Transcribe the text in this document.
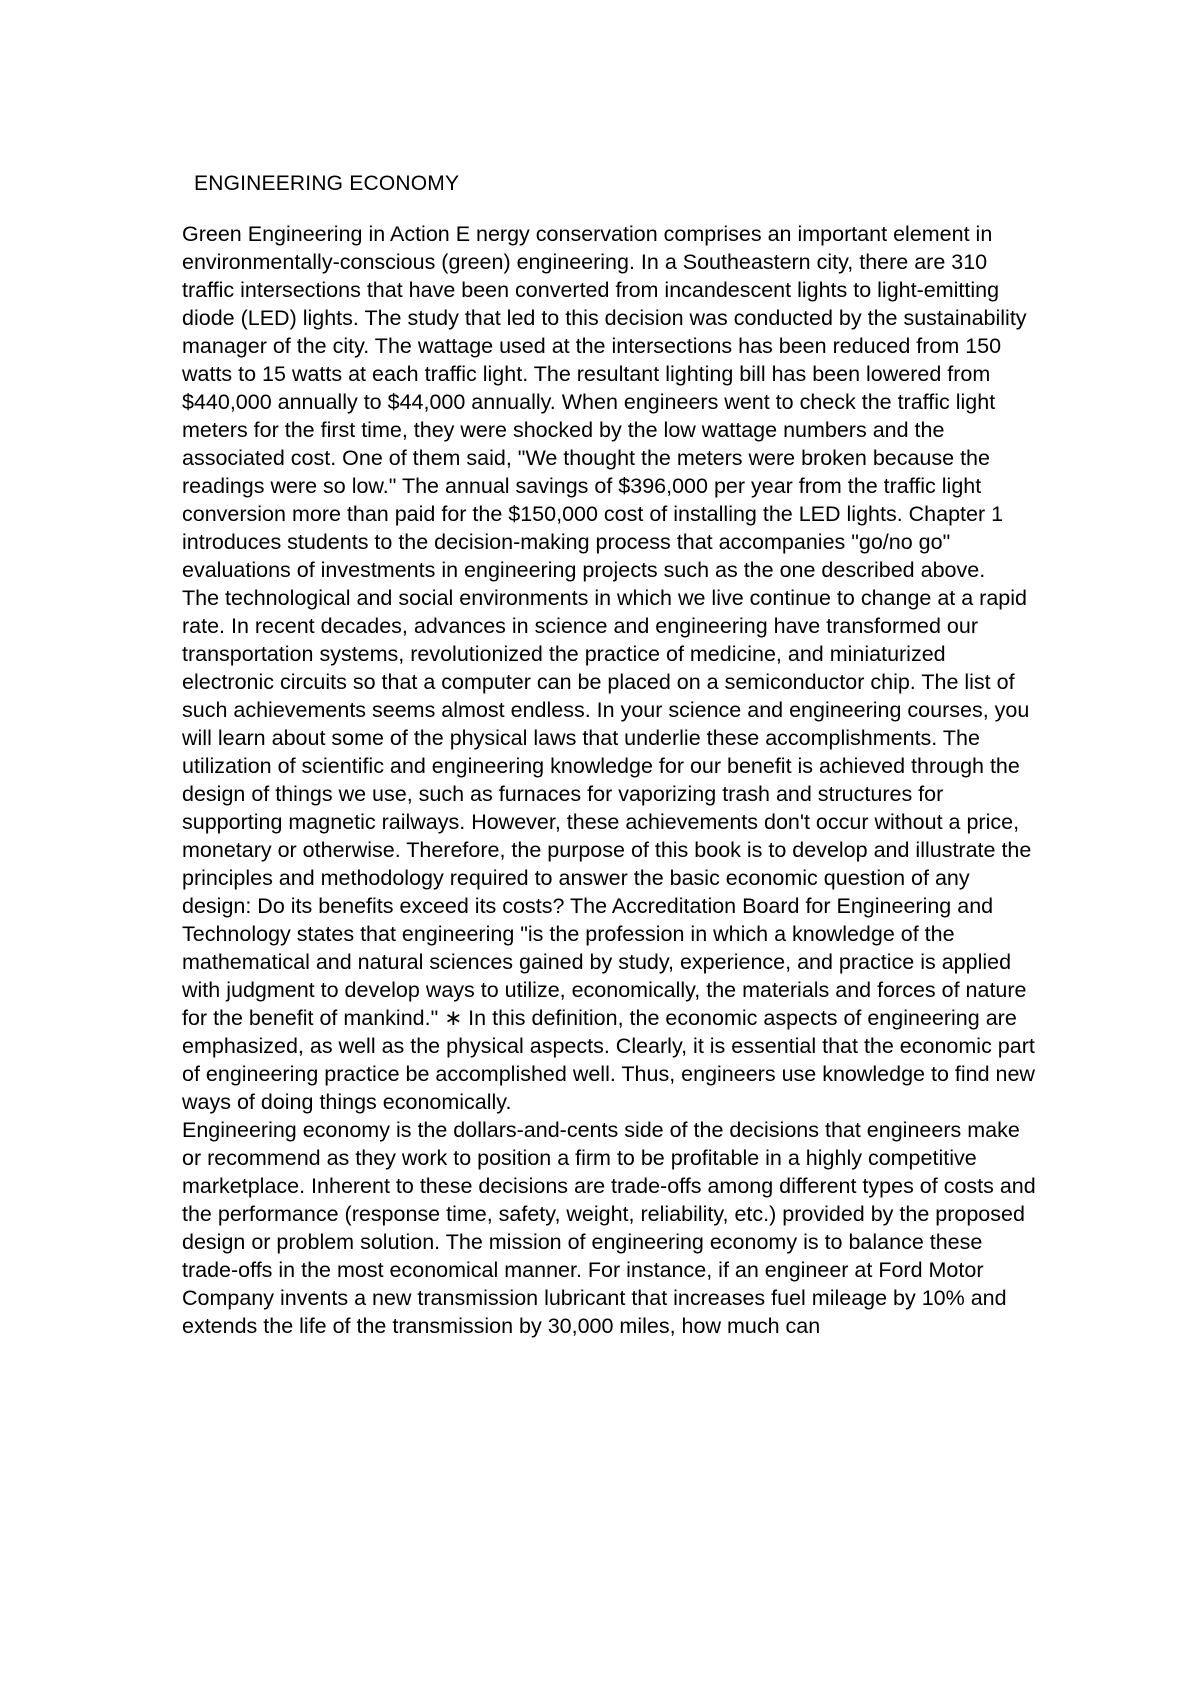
ENGINEERING ECONOMY

Green Engineering in Action E nergy conservation comprises an important element in environmentally-conscious (green) engineering. In a Southeastern city, there are 310 traffic intersections that have been converted from incandescent lights to light-emitting diode (LED) lights. The study that led to this decision was conducted by the sustainability manager of the city. The wattage used at the intersections has been reduced from 150 watts to 15 watts at each traffic light. The resultant lighting bill has been lowered from $440,000 annually to $44,000 annually. When engineers went to check the traffic light meters for the first time, they were shocked by the low wattage numbers and the associated cost. One of them said, "We thought the meters were broken because the readings were so low." The annual savings of $396,000 per year from the traffic light conversion more than paid for the $150,000 cost of installing the LED lights. Chapter 1 introduces students to the decision-making process that accompanies "go/no go" evaluations of investments in engineering projects such as the one described above.

The technological and social environments in which we live continue to change at a rapid rate. In recent decades, advances in science and engineering have transformed our transportation systems, revolutionized the practice of medicine, and miniaturized electronic circuits so that a computer can be placed on a semiconductor chip. The list of such achievements seems almost endless. In your science and engineering courses, you will learn about some of the physical laws that underlie these accomplishments. The utilization of scientific and engineering knowledge for our benefit is achieved through the design of things we use, such as furnaces for vaporizing trash and structures for supporting magnetic railways. However, these achievements don't occur without a price, monetary or otherwise. Therefore, the purpose of this book is to develop and illustrate the principles and methodology required to answer the basic economic question of any design: Do its benefits exceed its costs? The Accreditation Board for Engineering and Technology states that engineering "is the profession in which a knowledge of the mathematical and natural sciences gained by study, experience, and practice is applied with judgment to develop ways to utilize, economically, the materials and forces of nature for the benefit of mankind." ∗ In this definition, the economic aspects of engineering are emphasized, as well as the physical aspects. Clearly, it is essential that the economic part of engineering practice be accomplished well. Thus, engineers use knowledge to find new ways of doing things economically.

Engineering economy is the dollars-and-cents side of the decisions that engineers make or recommend as they work to position a firm to be profitable in a highly competitive marketplace. Inherent to these decisions are trade-offs among different types of costs and the performance (response time, safety, weight, reliability, etc.) provided by the proposed design or problem solution. The mission of engineering economy is to balance these trade-offs in the most economical manner. For instance, if an engineer at Ford Motor Company invents a new transmission lubricant that increases fuel mileage by 10% and extends the life of the transmission by 30,000 miles, how much can
